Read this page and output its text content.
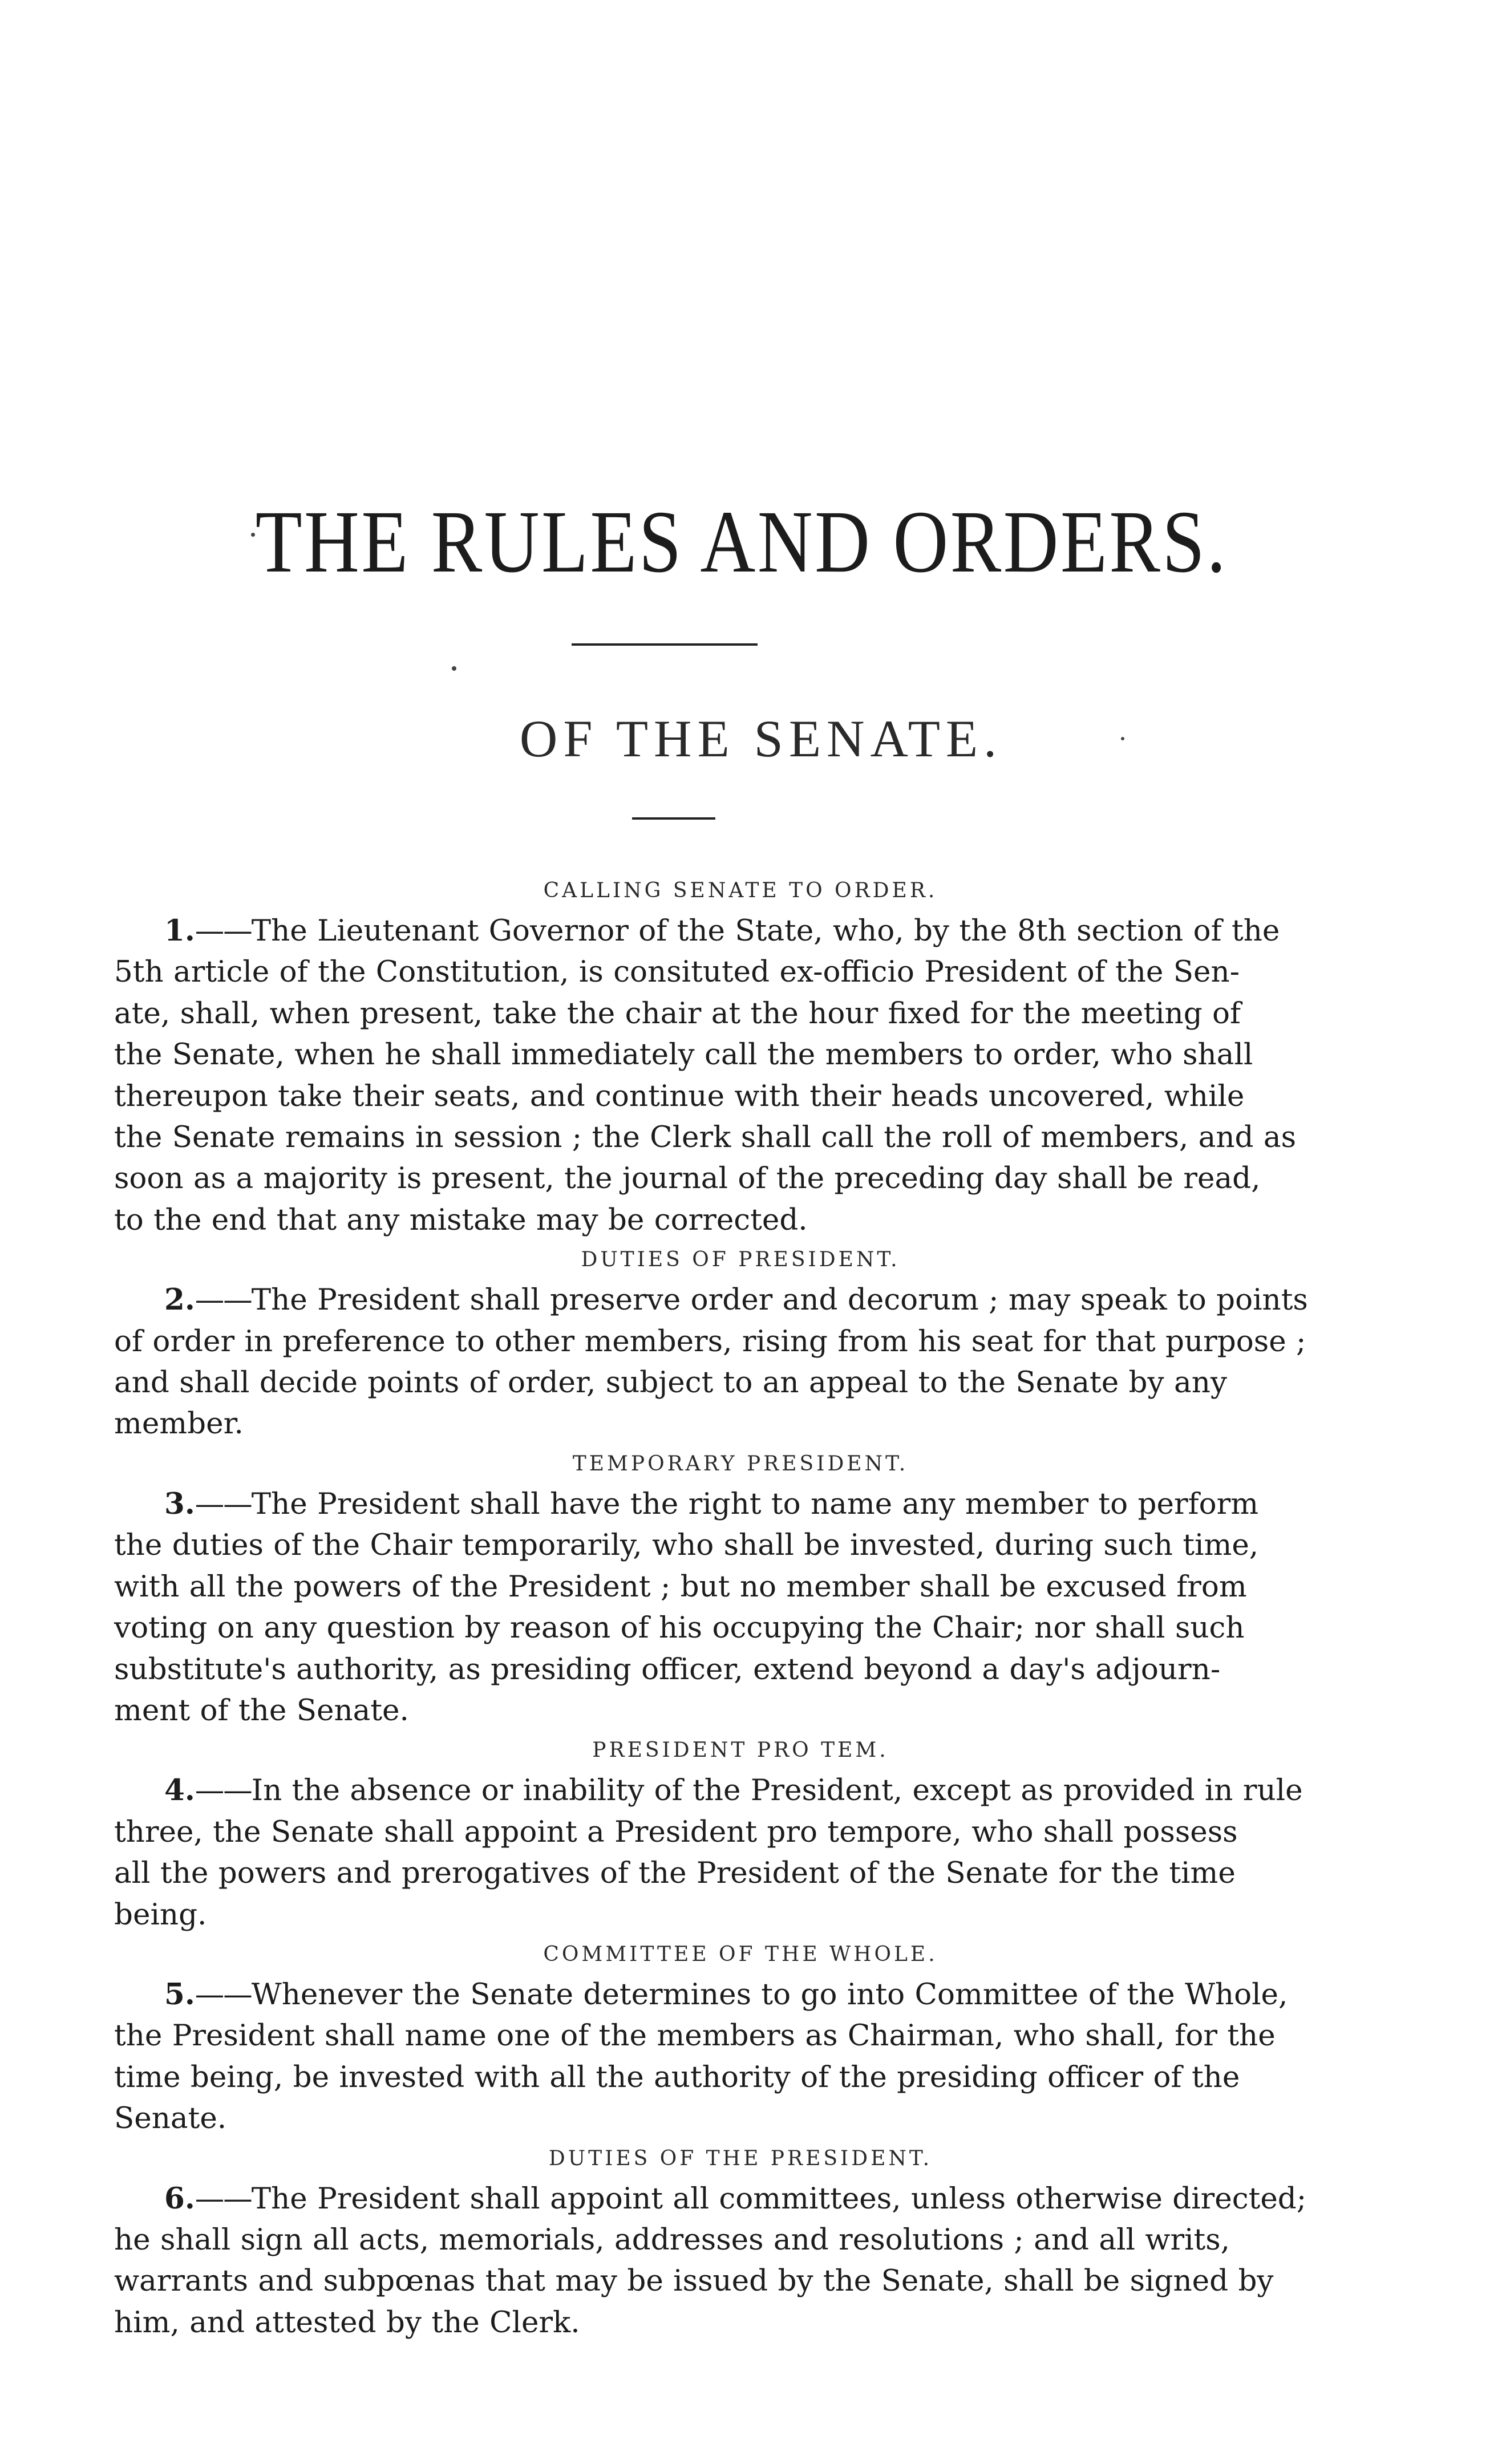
THE RULES AND ORDERS.
OF THE SENATE.
CALLING SENATE TO ORDER.
1.——The Lieutenant Governor of the State, who, by the 8th section of the
5th article of the Constitution, is consituted ex-officio President of the Sen-
ate, shall, when present, take the chair at the hour fixed for the meeting of
the Senate, when he shall immediately call the members to order, who shall
thereupon take their seats, and continue with their heads uncovered, while
the Senate remains in session ; the Clerk shall call the roll of members, and as
soon as a majority is present, the journal of the preceding day shall be read,
to the end that any mistake may be corrected.
DUTIES OF PRESIDENT.
2.——The President shall preserve order and decorum ; may speak to points
of order in preference to other members, rising from his seat for that purpose ;
and shall decide points of order, subject to an appeal to the Senate by any
member.
TEMPORARY PRESIDENT.
3.——The President shall have the right to name any member to perform
the duties of the Chair temporarily, who shall be invested, during such time,
with all the powers of the President ; but no member shall be excused from
voting on any question by reason of his occupying the Chair; nor shall such
substitute's authority, as presiding officer, extend beyond a day's adjourn-
ment of the Senate.
PRESIDENT PRO TEM.
4.——In the absence or inability of the President, except as provided in rule
three, the Senate shall appoint a President pro tempore, who shall possess
all the powers and prerogatives of the President of the Senate for the time
being.
COMMITTEE OF THE WHOLE.
5.——Whenever the Senate determines to go into Committee of the Whole,
the President shall name one of the members as Chairman, who shall, for the
time being, be invested with all the authority of the presiding officer of the
Senate.
DUTIES OF THE PRESIDENT.
6.——The President shall appoint all committees, unless otherwise directed;
he shall sign all acts, memorials, addresses and resolutions ; and all writs,
warrants and subpœnas that may be issued by the Senate, shall be signed by
him, and attested by the Clerk.
